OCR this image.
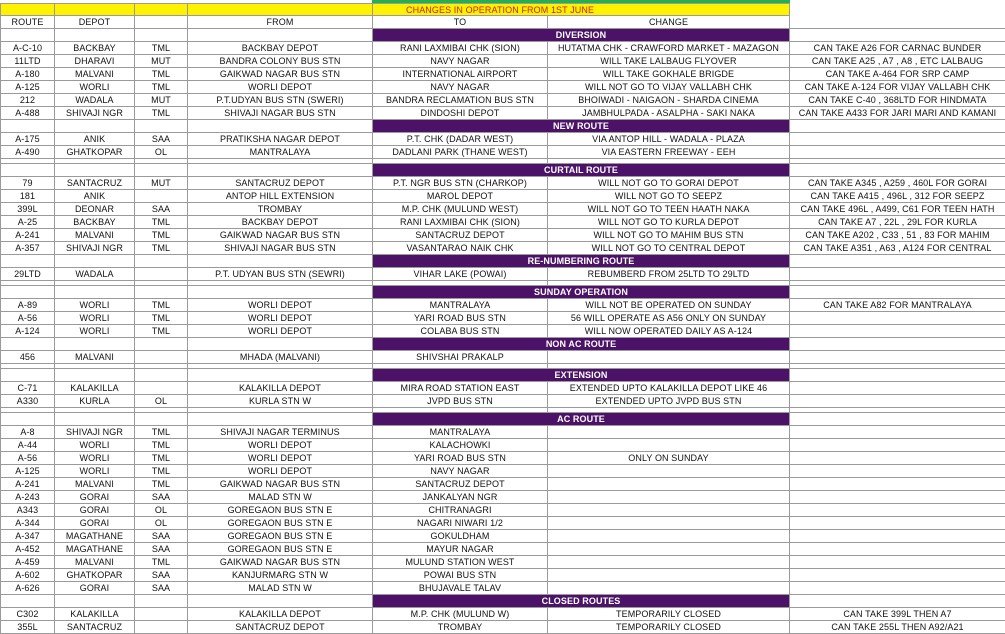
				CHANGES IN OPERATION FROM 1ST JUNE		
ROUTE	DEPOT		FROM	TO	CHANGE	
				DIVERSION		
A-C-10	BACKBAY	TML	BACKBAY DEPOT	RANI LAXMIBAI CHK (SION)	HUTATMA CHK - CRAWFORD MARKET - MAZAGON	CAN TAKE A26 FOR CARNAC BUNDER
11LTD	DHARAVI	MUT	BANDRA COLONY BUS STN	NAVY NAGAR	WILL TAKE LALBAUG FLYOVER	CAN TAKE A25 , A7 , A8 , ETC LALBAUG
A-180	MALVANI	TML	GAIKWAD NAGAR BUS STN	INTERNATIONAL AIRPORT	WILL TAKE GOKHALE BRIGDE	CAN TAKE A-464 FOR SRP CAMP
A-125	WORLI	TML	WORLI DEPOT	NAVY NAGAR	WILL NOT GO TO VIJAY VALLABH CHK	CAN TAKE A-124 FOR VIJAY VALLABH CHK
212	WADALA	MUT	P.T.UDYAN BUS STN (SWERI)	BANDRA RECLAMATION BUS STN	BHOIWADI - NAIGAON - SHARDA CINEMA	CAN TAKE C-40 , 368LTD FOR HINDMATA
A-488	SHIVAJI NGR	TML	SHIVAJI NAGAR BUS STN	DINDOSHI DEPOT	JAMBHULPADA - ASALPHA - SAKI NAKA	CAN TAKE A433 FOR JARI MARI AND KAMANI
				NEW ROUTE		
A-175	ANIK	SAA	PRATIKSHA NAGAR DEPOT	P.T. CHK (DADAR WEST)	VIA ANTOP HILL - WADALA - PLAZA	
A-490	GHATKOPAR	OL	MANTRALAYA	DADLANI PARK (THANE WEST)	VIA EASTERN FREEWAY - EEH	

				CURTAIL ROUTE		
79	SANTACRUZ	MUT	SANTACRUZ DEPOT	P.T. NGR BUS STN (CHARKOP)	WILL NOT GO TO GORAI DEPOT	CAN TAKE A345 , A259 , 460L FOR GORAI
181	ANIK		ANTOP HILL EXTENSION	MAROL DEPOT	WILL NOT GO TO SEEPZ	CAN TAKE A415 , 496L , 312 FOR SEEPZ
399L	DEONAR	SAA	TROMBAY	M.P. CHK (MULUND WEST)	WILL NOT GO TO TEEN HAATH NAKA	CAN TAKE 496L , A499, C61 FOR TEEN HATH
A-25	BACKBAY	TML	BACKBAY DEPOT	RANI LAXMIBAI CHK (SION)	WILL NOT GO TO KURLA DEPOT	CAN TAKE A7 , 22L , 29L FOR KURLA
A-241	MALVANI	TML	GAIKWAD NAGAR BUS STN	SANTACRUZ DEPOT	WILL NOT GO TO MAHIM BUS STN	CAN TAKE A202 , C33 , 51 , 83 FOR MAHIM
A-357	SHIVAJI NGR	TML	SHIVAJI NAGAR BUS STN	VASANTARAO NAIK CHK	WILL NOT GO TO CENTRAL DEPOT	CAN TAKE A351 , A63 , A124 FOR CENTRAL
				RE-NUMBERING ROUTE		
29LTD	WADALA		P.T. UDYAN BUS STN (SEWRI)	VIHAR LAKE (POWAI)	REBUMBERD FROM 25LTD TO 29LTD	

				SUNDAY OPERATION		
A-89	WORLI	TML	WORLI DEPOT	MANTRALAYA	WILL NOT BE OPERATED ON SUNDAY	CAN TAKE A82 FOR MANTRALAYA
A-56	WORLI	TML	WORLI DEPOT	YARI ROAD BUS STN	56 WILL OPERATE AS A56 ONLY ON SUNDAY	
A-124	WORLI	TML	WORLI DEPOT	COLABA BUS STN	WILL NOW OPERATED DAILY AS A-124	
				NON AC ROUTE		
456	MALVANI		MHADA (MALVANI)	SHIVSHAI PRAKALP		

				EXTENSION		
C-71	KALAKILLA		KALAKILLA DEPOT	MIRA ROAD STATION EAST	EXTENDED UPTO KALAKILLA DEPOT LIKE 46	
A330	KURLA	OL	KURLA STN W	JVPD BUS STN	EXTENDED UPTO JVPD BUS STN	

				AC ROUTE		
A-8	SHIVAJI NGR	TML	SHIVAJI NAGAR TERMINUS	MANTRALAYA		
A-44	WORLI	TML	WORLI DEPOT	KALACHOWKI		
A-56	WORLI	TML	WORLI DEPOT	YARI ROAD BUS STN	ONLY ON SUNDAY	
A-125	WORLI	TML	WORLI DEPOT	NAVY NAGAR		
A-241	MALVANI	TML	GAIKWAD NAGAR BUS STN	SANTACRUZ DEPOT		
A-243	GORAI	SAA	MALAD STN W	JANKALYAN NGR		
A343	GORAI	OL	GOREGAON BUS STN E	CHITRANAGRI		
A-344	GORAI	OL	GOREGAON BUS STN E	NAGARI NIWARI 1/2		
A-347	MAGATHANE	SAA	GOREGAON BUS STN E	GOKULDHAM		
A-452	MAGATHANE	SAA	GOREGAON BUS STN E	MAYUR NAGAR		
A-459	MALVANI	TML	GAIKWAD NAGAR BUS STN	MULUND STATION WEST		
A-602	GHATKOPAR	SAA	KANJURMARG STN W	POWAI BUS STN		
A-626	GORAI	SAA	MALAD STN W	BHUJAVALE TALAV		
				CLOSED ROUTES		
C302	KALAKILLA		KALAKILLA DEPOT	M.P. CHK (MULUND W)	TEMPORARILY CLOSED	CAN TAKE 399L THEN A7
355L	SANTACRUZ		SANTACRUZ DEPOT	TROMBAY	TEMPORARILY CLOSED	CAN TAKE 255L THEN A92/A21
